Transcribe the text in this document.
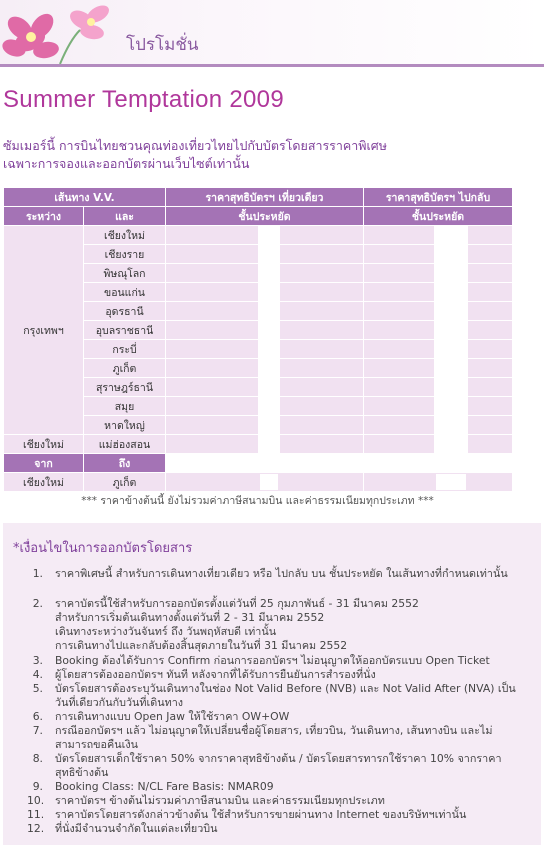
โปรโมชั่น
Summer Temptation 2009
ซัมเมอร์นี้ การบินไทยชวนคุณท่องเที่ยวไทยไปกับบัตรโดยสารราคาพิเศษ
เฉพาะการจองและออกบัตรผ่านเว็บไซต์เท่านั้น
เส้นทาง V.V.		ราคาสุทธิบัตรฯ เที่ยวเดียว	ราคาสุทธิบัตรฯ ไปกลับ
ระหว่าง	และ	ชั้นประหยัด	ชั้นประหยัด
กรุงเทพฯ	เชียงใหม่		
	เชียงราย		
	พิษณุโลก		
	ขอนแก่น		
	อุดรธานี		
	อุบลราชธานี		
	กระบี่		
	ภูเก็ต		
	สุราษฎร์ธานี		
	สมุย		
	หาดใหญ่		
เชียงใหม่	แม่ฮ่องสอน		
จาก	ถึง		
เชียงใหม่	ภูเก็ต		
*** ราคาข้างต้นนี้ ยังไม่รวมค่าภาษีสนามบิน และค่าธรรมเนียมทุกประเภท ***
*เงื่อนไขในการออกบัตรโดยสาร
1. ราคาพิเศษนี้ สำหรับการเดินทางเที่ยวเดียว หรือ ไปกลับ บน ชั้นประหยัด ในเส้นทางที่กำหนดเท่านั้น
2. ราคาบัตรนี้ใช้สำหรับการออกบัตรตั้งแต่วันที่ 25 กุมภาพันธ์ - 31 มีนาคม 2552
สำหรับการเริ่มต้นเดินทางตั้งแต่วันที่ 2 - 31 มีนาคม 2552
เดินทางระหว่างวันจันทร์ ถึง วันพฤหัสบดี เท่านั้น
การเดินทางไปและกลับต้องสิ้นสุดภายในวันที่ 31 มีนาคม 2552
3. Booking ต้องได้รับการ Confirm ก่อนการออกบัตรฯ ไม่อนุญาตให้ออกบัตรแบบ Open Ticket
4. ผู้โดยสารต้องออกบัตรฯ ทันที หลังจากที่ได้รับการยืนยันการสำรองที่นั่ง
5. บัตรโดยสารต้องระบุวันเดินทางในช่อง Not Valid Before (NVB) และ Not Valid After (NVA) เป็น
วันที่เดียวกันกับวันที่เดินทาง
6. การเดินทางแบบ Open Jaw ให้ใช้ราคา OW+OW
7. กรณีออกบัตรฯ แล้ว ไม่อนุญาตให้เปลี่ยนชื่อผู้โดยสาร, เที่ยวบิน, วันเดินทาง, เส้นทางบิน และไม่
สามารถขอคืนเงิน
8. บัตรโดยสารเด็กใช้ราคา 50% จากราคาสุทธิข้างต้น / บัตรโดยสารทารกใช้ราคา 10% จากราคา
สุทธิข้างต้น
9. Booking Class: N/CL Fare Basis: NMAR09
10. ราคาบัตรฯ ข้างต้นไม่รวมค่าภาษีสนามบิน และค่าธรรมเนียมทุกประเภท
11. ราคาบัตรโดยสารดังกล่าวข้างต้น ใช้สำหรับการขายผ่านทาง Internet ของบริษัทฯเท่านั้น
12. ที่นั่งมีจำนวนจำกัดในแต่ละเที่ยวบิน
